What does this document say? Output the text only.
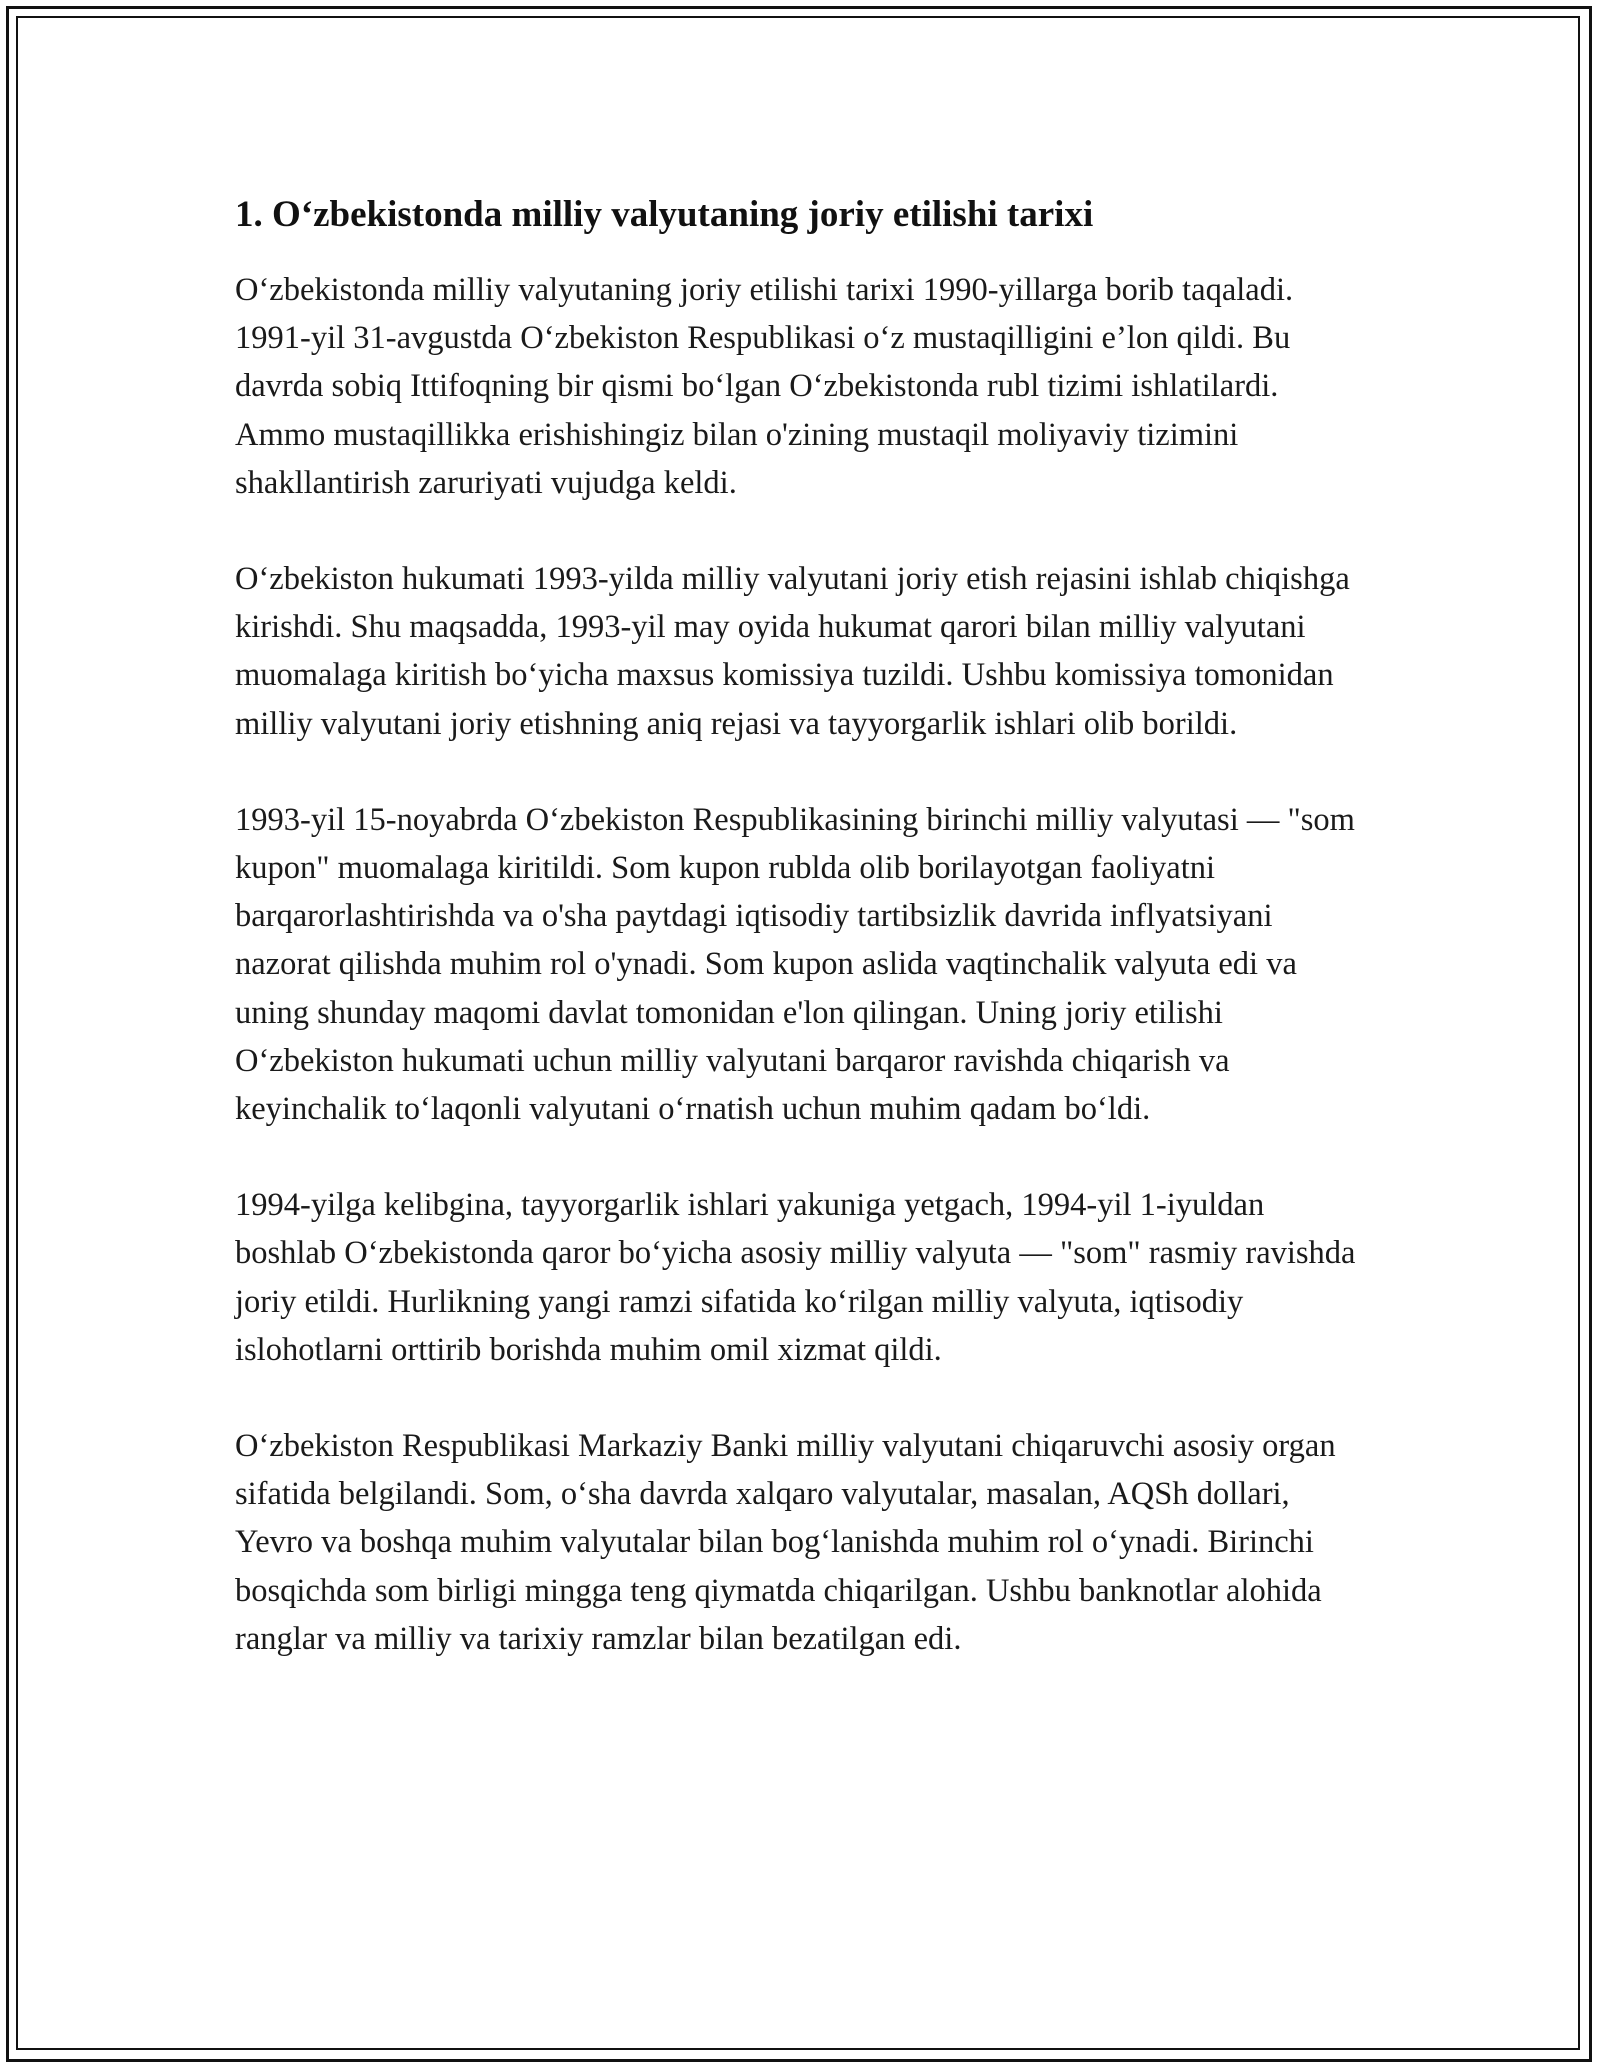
1. O‘zbekistonda milliy valyutaning joriy etilishi tarixi

O‘zbekistonda milliy valyutaning joriy etilishi tarixi 1990-yillarga borib taqaladi. 1991-yil 31-avgustda O‘zbekiston Respublikasi o‘z mustaqilligini e’lon qildi. Bu davrda sobiq Ittifoqning bir qismi bo‘lgan O‘zbekistonda rubl tizimi ishlatilardi. Ammo mustaqillikka erishishingiz bilan o'zining mustaqil moliyaviy tizimini shakllantirish zaruriyati vujudga keldi.

O‘zbekiston hukumati 1993-yilda milliy valyutani joriy etish rejasini ishlab chiqishga kirishdi. Shu maqsadda, 1993-yil may oyida hukumat qarori bilan milliy valyutani muomalaga kiritish bo‘yicha maxsus komissiya tuzildi. Ushbu komissiya tomonidan milliy valyutani joriy etishning aniq rejasi va tayyorgarlik ishlari olib borildi.

1993-yil 15-noyabrda O‘zbekiston Respublikasining birinchi milliy valyutasi — "som kupon" muomalaga kiritildi. Som kupon rublda olib borilayotgan faoliyatni barqarorlashtirishda va o'sha paytdagi iqtisodiy tartibsizlik davrida inflyatsiyani nazorat qilishda muhim rol o'ynadi. Som kupon aslida vaqtinchalik valyuta edi va uning shunday maqomi davlat tomonidan e'lon qilingan. Uning joriy etilishi O‘zbekiston hukumati uchun milliy valyutani barqaror ravishda chiqarish va keyinchalik to‘laqonli valyutani o‘rnatish uchun muhim qadam bo‘ldi.

1994-yilga kelibgina, tayyorgarlik ishlari yakuniga yetgach, 1994-yil 1-iyuldan boshlab O‘zbekistonda qaror bo‘yicha asosiy milliy valyuta — "som" rasmiy ravishda joriy etildi. Hurlikning yangi ramzi sifatida ko‘rilgan milliy valyuta, iqtisodiy islohotlarni orttirib borishda muhim omil xizmat qildi.

O‘zbekiston Respublikasi Markaziy Banki milliy valyutani chiqaruvchi asosiy organ sifatida belgilandi. Som, o‘sha davrda xalqaro valyutalar, masalan, AQSh dollari, Yevro va boshqa muhim valyutalar bilan bog‘lanishda muhim rol o‘ynadi. Birinchi bosqichda som birligi mingga teng qiymatda chiqarilgan. Ushbu banknotlar alohida ranglar va milliy va tarixiy ramzlar bilan bezatilgan edi.
